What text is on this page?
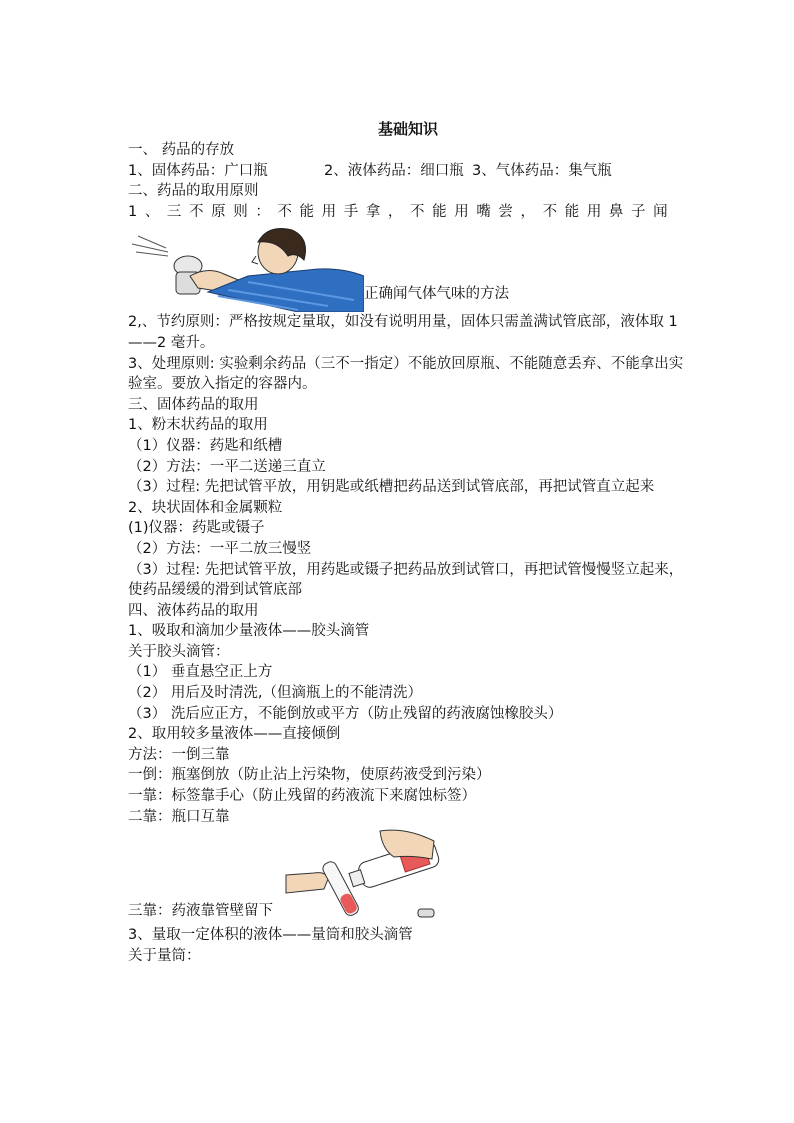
基础知识
一、 药品的存放
1、固体药品：广口瓶	2、液体药品：细口瓶 3、气体药品：集气瓶
二、药品的取用原则
1、三不原则：不能用手拿，不能用嘴尝，不能用鼻子闻
正确闻气体气味的方法
2,、节约原则：严格按规定量取，如没有说明用量，固体只需盖满试管底部，液体取 1——2 毫升。
3、处理原则: 实验剩余药品（三不一指定）不能放回原瓶、不能随意丢弃、不能拿出实验室。要放入指定的容器内。
三、固体药品的取用
1、粉末状药品的取用
（1）仪器：药匙和纸槽
（2）方法：一平二送递三直立
（3）过程: 先把试管平放，用钥匙或纸槽把药品送到试管底部，再把试管直立起来
2、块状固体和金属颗粒
(1)仪器：药匙或镊子
（2）方法：一平二放三慢竖
（3）过程: 先把试管平放，用药匙或镊子把药品放到试管口，再把试管慢慢竖立起来，使药品缓缓的滑到试管底部
四、液体药品的取用
1、吸取和滴加少量液体——胶头滴管
关于胶头滴管：
（1） 垂直悬空正上方
（2） 用后及时清洗,（但滴瓶上的不能清洗）
（3） 洗后应正方，不能倒放或平方（防止残留的药液腐蚀橡胶头）
2、取用较多量液体——直接倾倒
方法：一倒三靠
一倒：瓶塞倒放（防止沾上污染物，使原药液受到污染）
一靠：标签靠手心（防止残留的药液流下来腐蚀标签）
二靠：瓶口互靠
三靠：药液靠管壁留下
3、量取一定体积的液体——量筒和胶头滴管
关于量筒：
